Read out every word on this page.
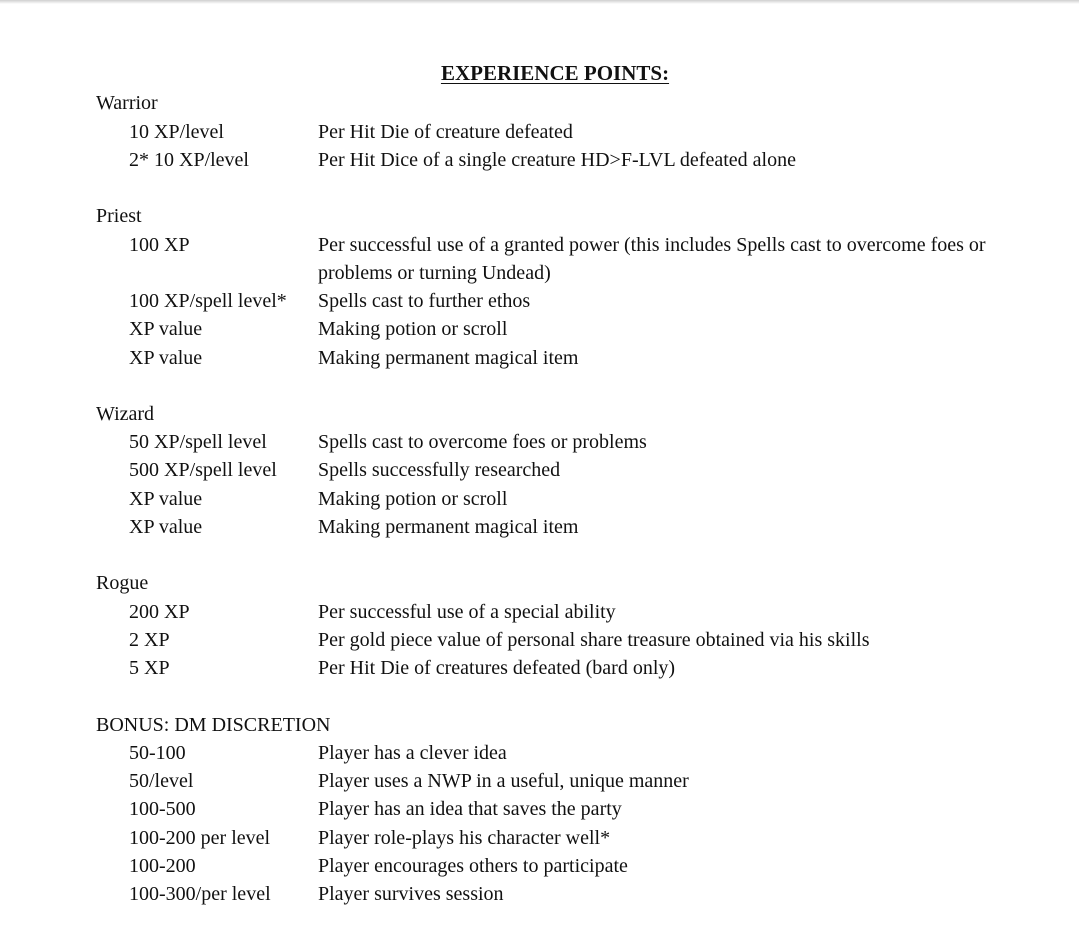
EXPERIENCE POINTS:
Warrior
10 XP/level	Per Hit Die of creature defeated
2* 10 XP/level	Per Hit Dice of a single creature HD>F-LVL defeated alone
Priest
100 XP	Per successful use of a granted power (this includes Spells cast to overcome foes or problems or turning Undead)
100 XP/spell level* Spells cast to further ethos
XP value	Making potion or scroll
XP value	Making permanent magical item
Wizard
50 XP/spell level	Spells cast to overcome foes or problems
500 XP/spell level Spells successfully researched
XP value	Making potion or scroll
XP value	Making permanent magical item
Rogue
200 XP	Per successful use of a special ability
2 XP	Per gold piece value of personal share treasure obtained via his skills
5 XP	Per Hit Die of creatures defeated (bard only)
BONUS: DM DISCRETION
50-100	Player has a clever idea
50/level	Player uses a NWP in a useful, unique manner
100-500	Player has an idea that saves the party
100-200 per level Player role-plays his character well*
100-200	Player encourages others to participate
100-300/per level Player survives session
